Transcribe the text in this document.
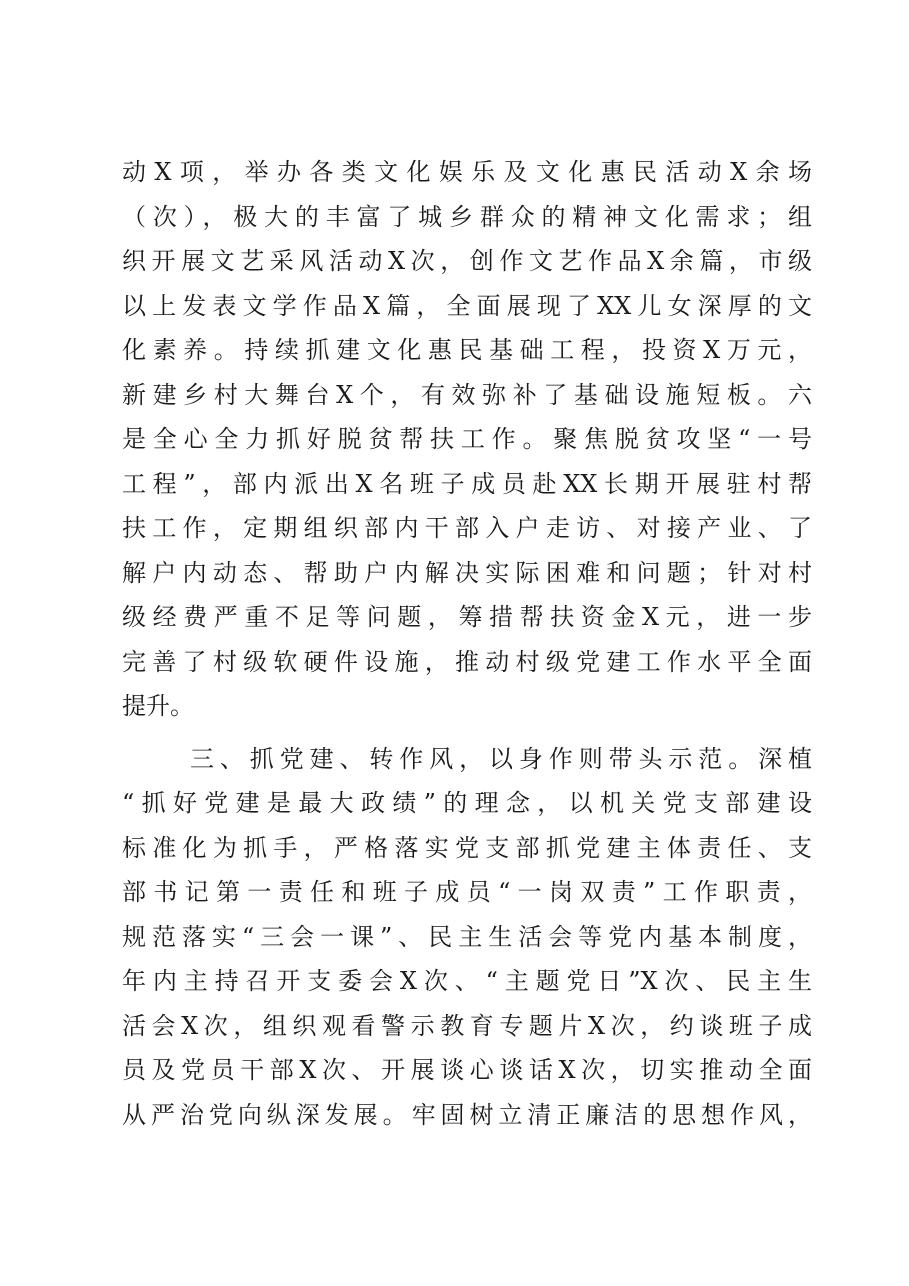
动X项，举办各类文化娱乐及文化惠民活动X余场
（次），极大的丰富了城乡群众的精神文化需求；组
织开展文艺采风活动X次，创作文艺作品X余篇，市级
以上发表文学作品X篇，全面展现了XX儿女深厚的文
化素养。持续抓建文化惠民基础工程，投资X万元，
新建乡村大舞台X个，有效弥补了基础设施短板。六
是全心全力抓好脱贫帮扶工作。聚焦脱贫攻坚“一号
工程”，部内派出X名班子成员赴XX长期开展驻村帮
扶工作，定期组织部内干部入户走访、对接产业、了
解户内动态、帮助户内解决实际困难和问题；针对村
级经费严重不足等问题，筹措帮扶资金X元，进一步
完善了村级软硬件设施，推动村级党建工作水平全面
提升。
三、抓党建、转作风，以身作则带头示范。深植
“抓好党建是最大政绩”的理念，以机关党支部建设
标准化为抓手，严格落实党支部抓党建主体责任、支
部书记第一责任和班子成员“一岗双责”工作职责，
规范落实“三会一课”、民主生活会等党内基本制度，
年内主持召开支委会X次、“主题党日”X次、民主生
活会X次，组织观看警示教育专题片X次，约谈班子成
员及党员干部X次、开展谈心谈话X次，切实推动全面
从严治党向纵深发展。牢固树立清正廉洁的思想作风，
